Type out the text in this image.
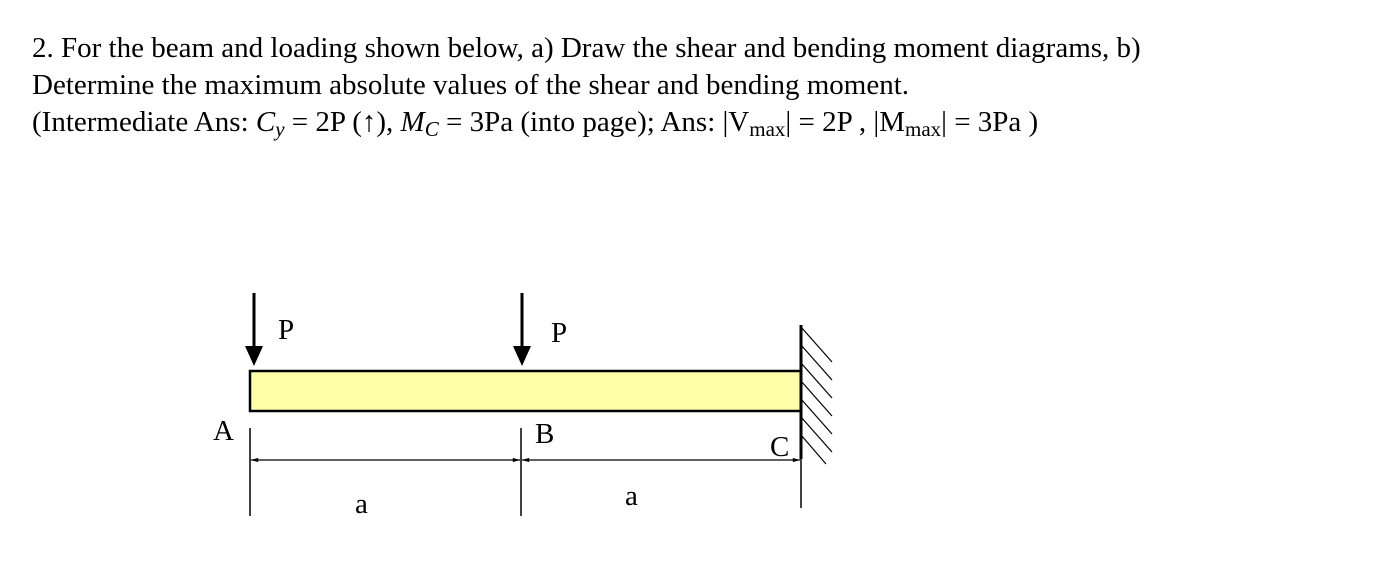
2. For the beam and loading shown below, a) Draw the shear and bending moment diagrams, b)
Determine the maximum absolute values of the shear and bending moment.
(Intermediate Ans: Cy = 2P (↑), MC = 3Pa (into page); Ans: |Vmax| = 2P , |Mmax| = 3Pa )
P	P
A	B	C
a	a
